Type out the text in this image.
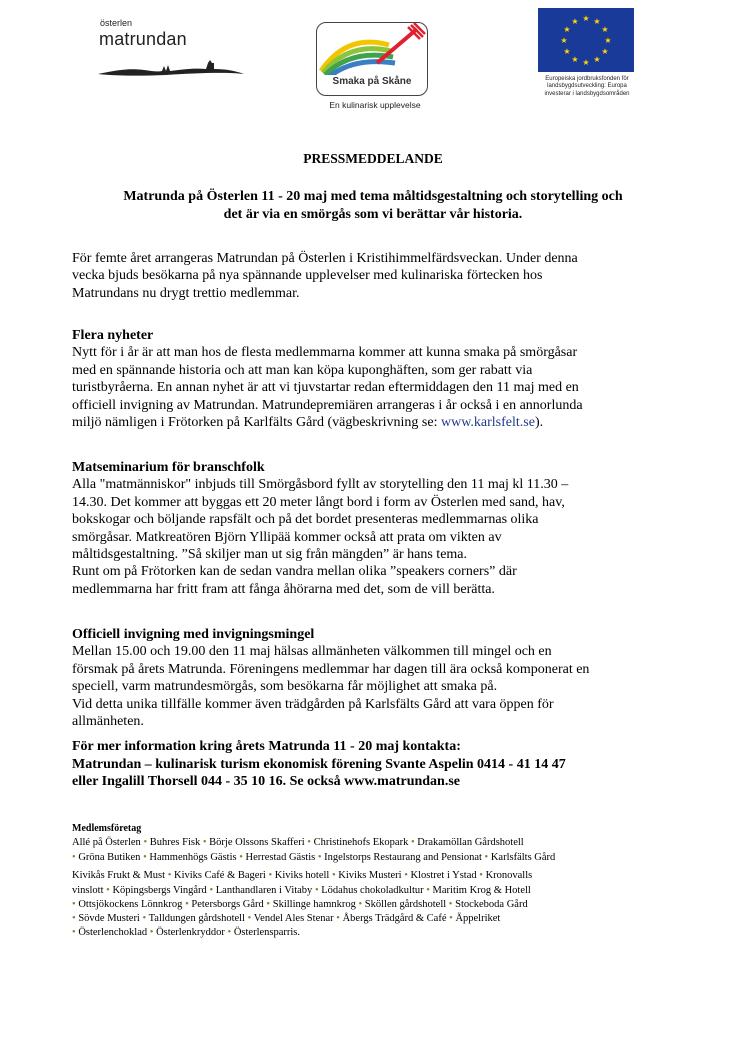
österlen
matrundan
Smaka på Skåne
En kulinarisk upplevelse
★ ★
★
★
★
★
★
★
★
★
★
★
Europeiska jordbruksfonden för
landsbygdsutveckling: Europa
investerar i landsbygdsområden
PRESSMEDDELANDE
Matrunda på Österlen 11 - 20 maj med tema måltidsgestaltning och storytelling och
det är via en smörgås som vi berättar vår historia.
För femte året arrangeras Matrundan på Österlen i Kristihimmelfärdsveckan. Under denna
vecka bjuds besökarna på nya spännande upplevelser med kulinariska förtecken hos
Matrundans nu drygt trettio medlemmar.
Flera nyheter
Nytt för i år är att man hos de flesta medlemmarna kommer att kunna smaka på smörgåsar
med en spännande historia och att man kan köpa kuponghäften, som ger rabatt via
turistbyråerna. En annan nyhet är att vi tjuvstartar redan eftermiddagen den 11 maj med en
officiell invigning av Matrundan. Matrundepremiären arrangeras i år också i en annorlunda
miljö nämligen i Frötorken på Karlfälts Gård (vägbeskrivning se: www.karlsfelt.se).
Matseminarium för branschfolk
Alla "matmänniskor" inbjuds till Smörgåsbord fyllt av storytelling den 11 maj kl 11.30 –
14.30. Det kommer att byggas ett 20 meter långt bord i form av Österlen med sand, hav,
bokskogar och böljande rapsfält och på det bordet presenteras medlemmarnas olika
smörgåsar. Matkreatören Björn Yllipää kommer också att prata om vikten av
måltidsgestaltning. ”Så skiljer man ut sig från mängden” är hans tema.
Runt om på Frötorken kan de sedan vandra mellan olika ”speakers corners” där
medlemmarna har fritt fram att fånga åhörarna med det, som de vill berätta.
Officiell invigning med invigningsmingel
Mellan 15.00 och 19.00 den 11 maj hälsas allmänheten välkommen till mingel och en
försmak på årets Matrunda. Föreningens medlemmar har dagen till ära också komponerat en
speciell, varm matrundesmörgås, som besökarna får möjlighet att smaka på.
Vid detta unika tillfälle kommer även trädgården på Karlsfälts Gård att vara öppen för
allmänheten.
För mer information kring årets Matrunda 11 - 20 maj kontakta:
Matrundan – kulinarisk turism ekonomisk förening Svante Aspelin 0414 - 41 14 47
eller Ingalill Thorsell 044 - 35 10 16. Se också www.matrundan.se
Medlemsföretag
Allé på Österlen • Buhres Fisk • Börje Olssons Skafferi • Christinehofs Ekopark • Drakamöllan Gårdshotell
• Gröna Butiken • Hammenhögs Gästis • Herrestad Gästis • Ingelstorps Restaurang and Pensionat • Karlsfälts Gård
Kivikås Frukt & Must • Kiviks Café & Bageri • Kiviks hotell • Kiviks Musteri • Klostret i Ystad • Kronovalls
vinslott • Köpingsbergs Vingård • Lanthandlaren i Vitaby • Lödahus chokoladkultur • Maritim Krog & Hotell
• Ottsjökockens Lönnkrog • Petersborgs Gård • Skillinge hamnkrog • Sköllen gårdshotell • Stockeboda Gård
• Sövde Musteri • Talldungen gårdshotell • Vendel Ales Stenar • Åbergs Trädgård & Café • Äppelriket
• Österlenchoklad • Österlenkryddor • Österlensparris.
